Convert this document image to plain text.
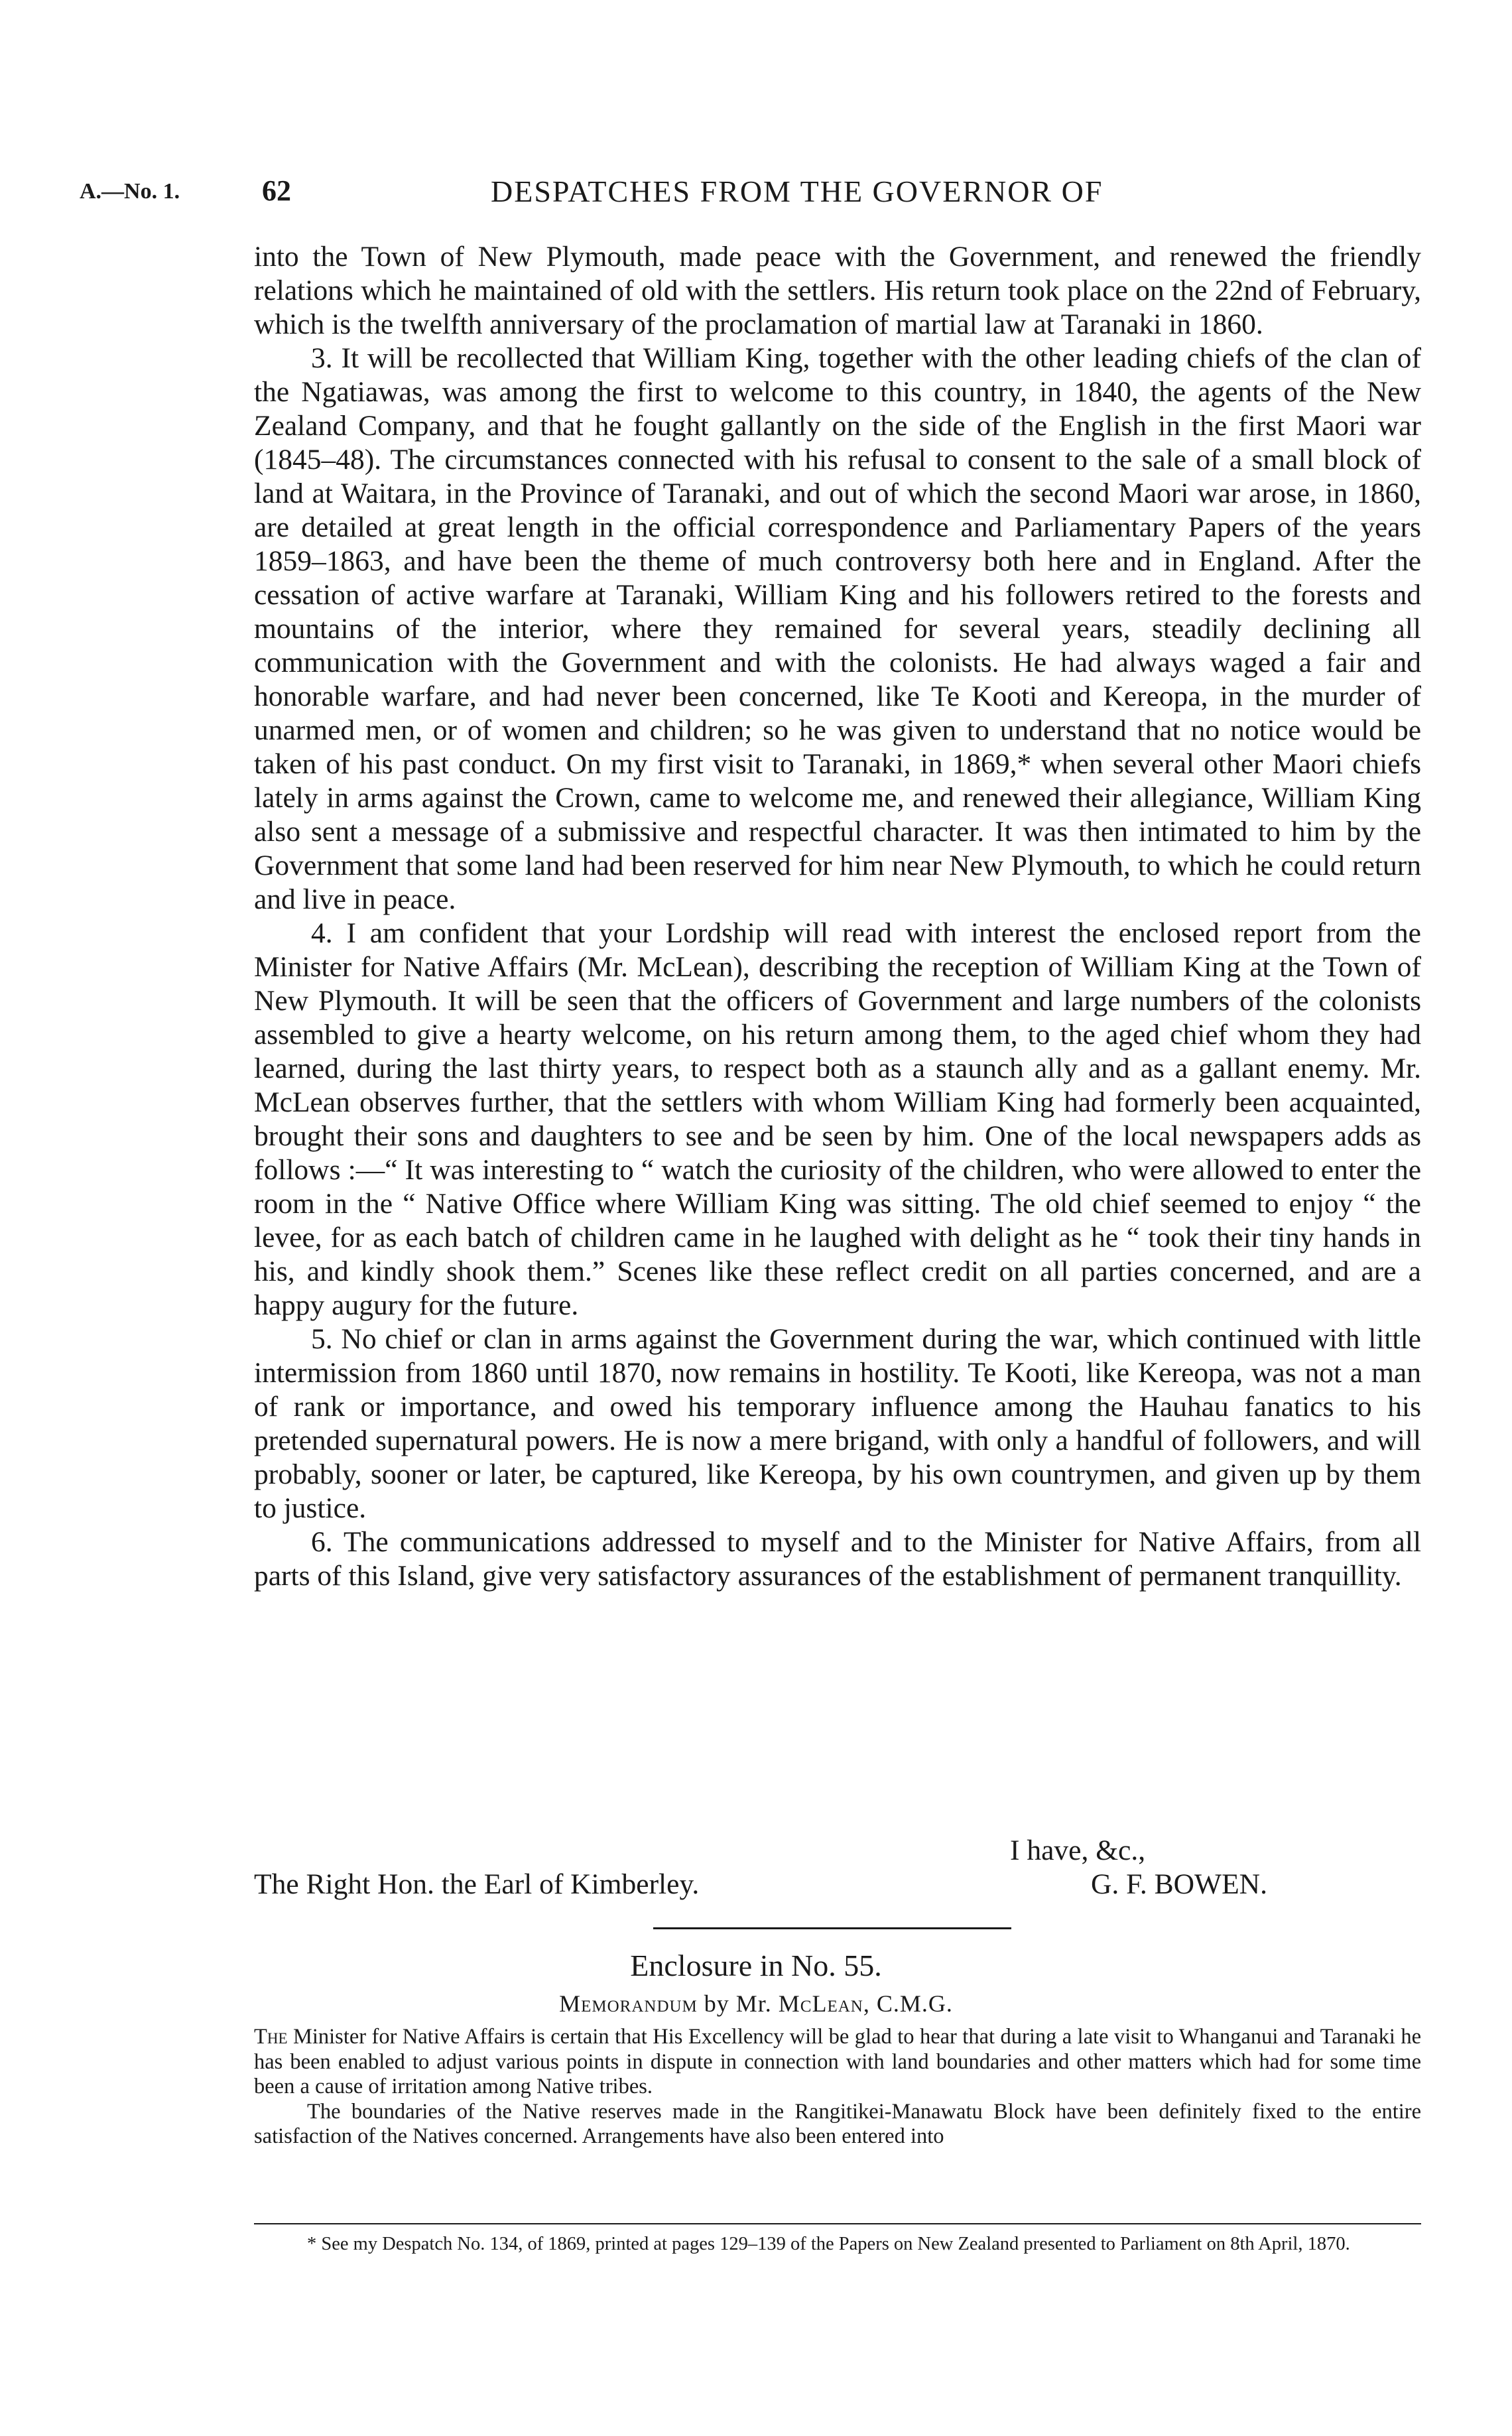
A.—No. 1.	62	DESPATCHES FROM THE GOVERNOR OF

into the Town of New Plymouth, made peace with the Government, and renewed the friendly relations which he maintained of old with the settlers. His return took place on the 22nd of February, which is the twelfth anniversary of the proclamation of martial law at Taranaki in 1860.

3. It will be recollected that William King, together with the other leading chiefs of the clan of the Ngatiawas, was among the first to welcome to this country, in 1840, the agents of the New Zealand Company, and that he fought gallantly on the side of the English in the first Maori war (1845–48). The circumstances connected with his refusal to consent to the sale of a small block of land at Waitara, in the Province of Taranaki, and out of which the second Maori war arose, in 1860, are detailed at great length in the official correspondence and Parliamentary Papers of the years 1859–1863, and have been the theme of much controversy both here and in England. After the cessation of active warfare at Taranaki, William King and his followers retired to the forests and mountains of the interior, where they remained for several years, steadily declining all communication with the Government and with the colonists. He had always waged a fair and honorable warfare, and had never been concerned, like Te Kooti and Kereopa, in the murder of unarmed men, or of women and children; so he was given to understand that no notice would be taken of his past conduct. On my first visit to Taranaki, in 1869,* when several other Maori chiefs lately in arms against the Crown, came to welcome me, and renewed their allegiance, William King also sent a message of a submissive and respectful character. It was then intimated to him by the Government that some land had been reserved for him near New Plymouth, to which he could return and live in peace.

4. I am confident that your Lordship will read with interest the enclosed report from the Minister for Native Affairs (Mr. McLean), describing the reception of William King at the Town of New Plymouth. It will be seen that the officers of Government and large numbers of the colonists assembled to give a hearty welcome, on his return among them, to the aged chief whom they had learned, during the last thirty years, to respect both as a staunch ally and as a gallant enemy. Mr. McLean observes further, that the settlers with whom William King had formerly been acquainted, brought their sons and daughters to see and be seen by him. One of the local newspapers adds as follows :—“ It was interesting to “ watch the curiosity of the children, who were allowed to enter the room in the “ Native Office where William King was sitting. The old chief seemed to enjoy “ the levee, for as each batch of children came in he laughed with delight as he “ took their tiny hands in his, and kindly shook them.” Scenes like these reflect credit on all parties concerned, and are a happy augury for the future.

5. No chief or clan in arms against the Government during the war, which continued with little intermission from 1860 until 1870, now remains in hostility. Te Kooti, like Kereopa, was not a man of rank or importance, and owed his temporary influence among the Hauhau fanatics to his pretended supernatural powers. He is now a mere brigand, with only a handful of followers, and will probably, sooner or later, be captured, like Kereopa, by his own countrymen, and given up by them to justice.

6. The communications addressed to myself and to the Minister for Native Affairs, from all parts of this Island, give very satisfactory assurances of the establishment of permanent tranquillity.

I have, &c.,
The Right Hon. the Earl of Kimberley.	G. F. BOWEN.
Enclosure in No. 55.
Memorandum by Mr. McLean, C.M.G.

The Minister for Native Affairs is certain that His Excellency will be glad to hear that during a late visit to Whanganui and Taranaki he has been enabled to adjust various points in dispute in connection with land boundaries and other matters which had for some time been a cause of irritation among Native tribes.

The boundaries of the Native reserves made in the Rangitikei-Manawatu Block have been definitely fixed to the entire satisfaction of the Natives concerned. Arrangements have also been entered into

* See my Despatch No. 134, of 1869, printed at pages 129–139 of the Papers on New Zealand presented to Parliament on 8th April, 1870.
